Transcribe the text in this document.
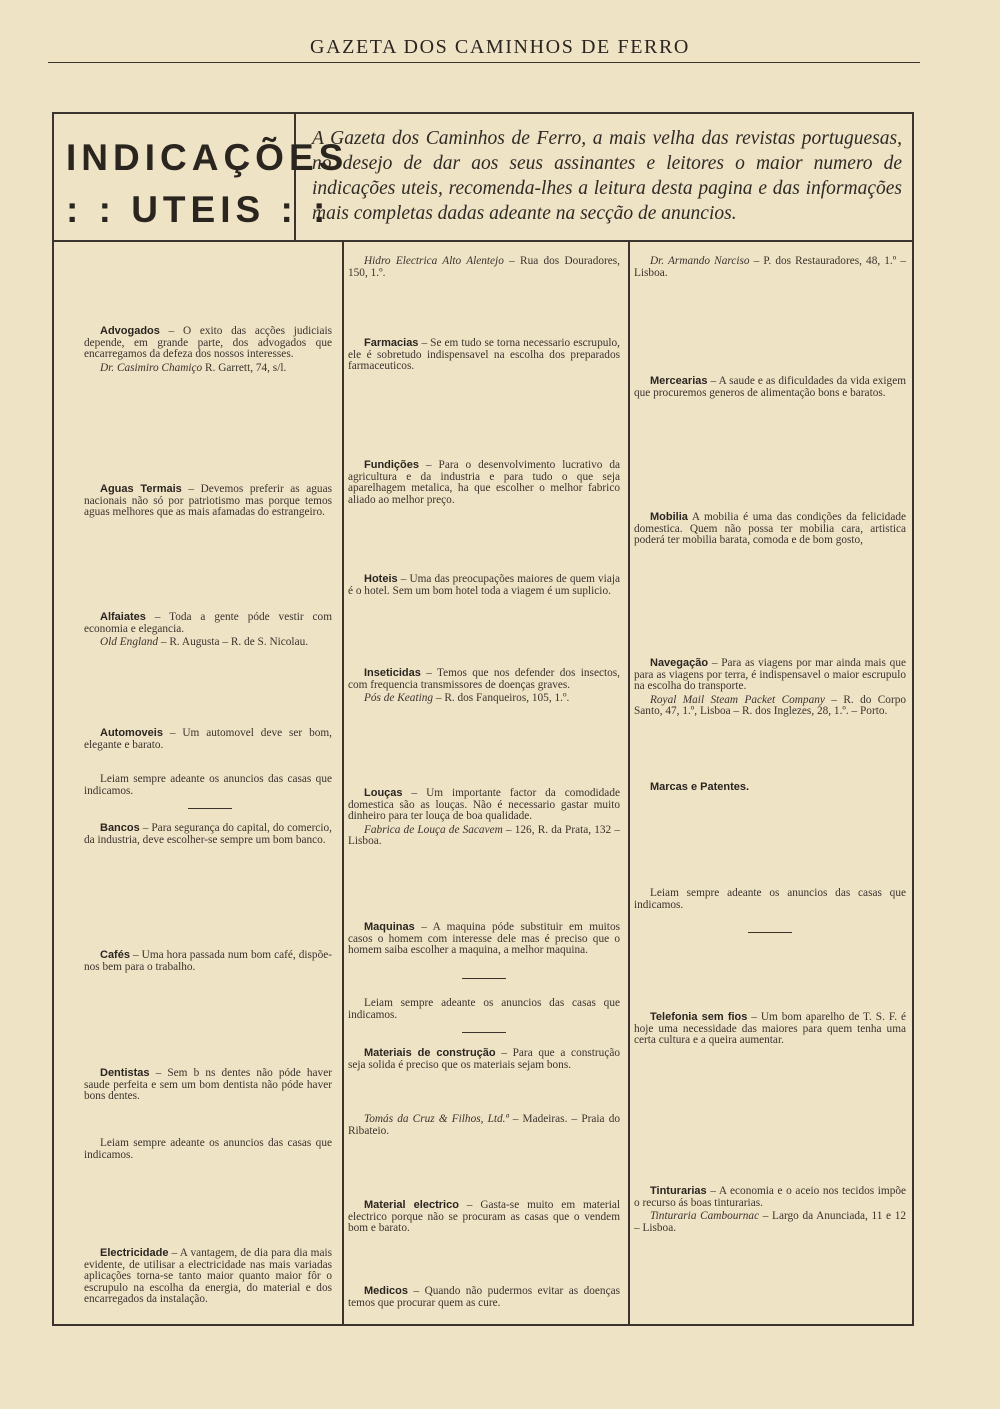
GAZETA DOS CAMINHOS DE FERRO
INDICAÇÕES
: : UTEIS : :

A Gazeta dos Caminhos de Ferro, a mais velha das revistas portuguesas, no desejo de dar aos seus assinantes e leitores o maior numero de indicações uteis, recomenda-lhes a leitura desta pagina e das informações mais completas dadas adeante na secção de anuncios.

Advogados – O exito das acções judiciais depende, em grande parte, dos advogados que encarregamos da defeza dos nossos interesses.

Dr. Casimiro Chamiço R. Garrett, 74, s/l.

Aguas Termais – Devemos preferir as aguas nacionais não só por patriotismo mas porque temos aguas melhores que as mais afamadas do estrangeiro.

Alfaiates – Toda a gente póde vestir com economia e elegancia.

Old England – R. Augusta – R. de S. Nicolau.

Automoveis – Um automovel deve ser bom, elegante e barato.

Leiam sempre adeante os anuncios das casas que indicamos.

Bancos – Para segurança do capital, do comercio, da industria, deve escolher-se sempre um bom banco.

Cafés – Uma hora passada num bom café, dispõe-nos bem para o trabalho.

Dentistas – Sem b ns dentes não póde haver saude perfeita e sem um bom dentista não póde haver bons dentes.

Leiam sempre adeante os anuncios das casas que indicamos.

Electricidade – A vantagem, de dia para dia mais evidente, de utilisar a electricidade nas mais variadas aplicações torna-se tanto maior quanto maior fôr o escrupulo na escolha da energia, do material e dos encarregados da instalação.

Hidro Electrica Alto Alentejo – Rua dos Douradores, 150, 1.º.

Farmacias – Se em tudo se torna necessario escrupulo, ele é sobretudo indispensavel na escolha dos preparados farmaceuticos.

Fundições – Para o desenvolvimento lucrativo da agricultura e da industria e para tudo o que seja aparelhagem metalica, ha que escolher o melhor fabrico aliado ao melhor preço.

Hoteis – Uma das preocupações maiores de quem viaja é o hotel. Sem um bom hotel toda a viagem é um suplicio.

Inseticidas – Temos que nos defender dos insectos, com frequencia transmissores de doenças graves.

Pós de Keating – R. dos Fanqueiros, 105, 1.º.

Louças – Um importante factor da comodidade domestica são as louças. Não é necessario gastar muito dinheiro para ter louça de boa qualidade.

Fabrica de Louça de Sacavem – 126, R. da Prata, 132 – Lisboa.

Maquinas – A maquina póde substituir em muitos casos o homem com interesse dele mas é preciso que o homem saiba escolher a maquina, a melhor maquina.

Leiam sempre adeante os anuncios das casas que indicamos.

Materiais de construção – Para que a construção seja solida é preciso que os materiais sejam bons.

Tomás da Cruz & Filhos, Ltd.ª – Madeiras. – Praia do Ribateio.

Material electrico – Gasta-se muito em material electrico porque não se procuram as casas que o vendem bom e barato.

Medicos – Quando não pudermos evitar as doenças temos que procurar quem as cure.

Dr. Armando Narciso – P. dos Restauradores, 48, 1.º – Lisboa.

Mercearias – A saude e as dificuldades da vida exigem que procuremos generos de alimentação bons e baratos.

Mobilia A mobilia é uma das condições da felicidade domestica. Quem não possa ter mobilia cara, artistica poderá ter mobilia barata, comoda e de bom gosto,

Navegação – Para as viagens por mar ainda mais que para as viagens por terra, é indispensavel o maior escrupulo na escolha do transporte.

Royal Mail Steam Packet Company – R. do Corpo Santo, 47, 1.º, Lisboa – R. dos Inglezes, 28, 1.º. – Porto.

Marcas e Patentes.

Leiam sempre adeante os anuncios das casas que indicamos.

Telefonia sem fios – Um bom aparelho de T. S. F. é hoje uma necessidade das maiores para quem tenha uma certa cultura e a queira aumentar.

Tinturarias – A economia e o aceio nos tecidos impõe o recurso ás boas tinturarias.

Tinturaria Cambournac – Largo da Anunciada, 11 e 12 – Lisboa.
